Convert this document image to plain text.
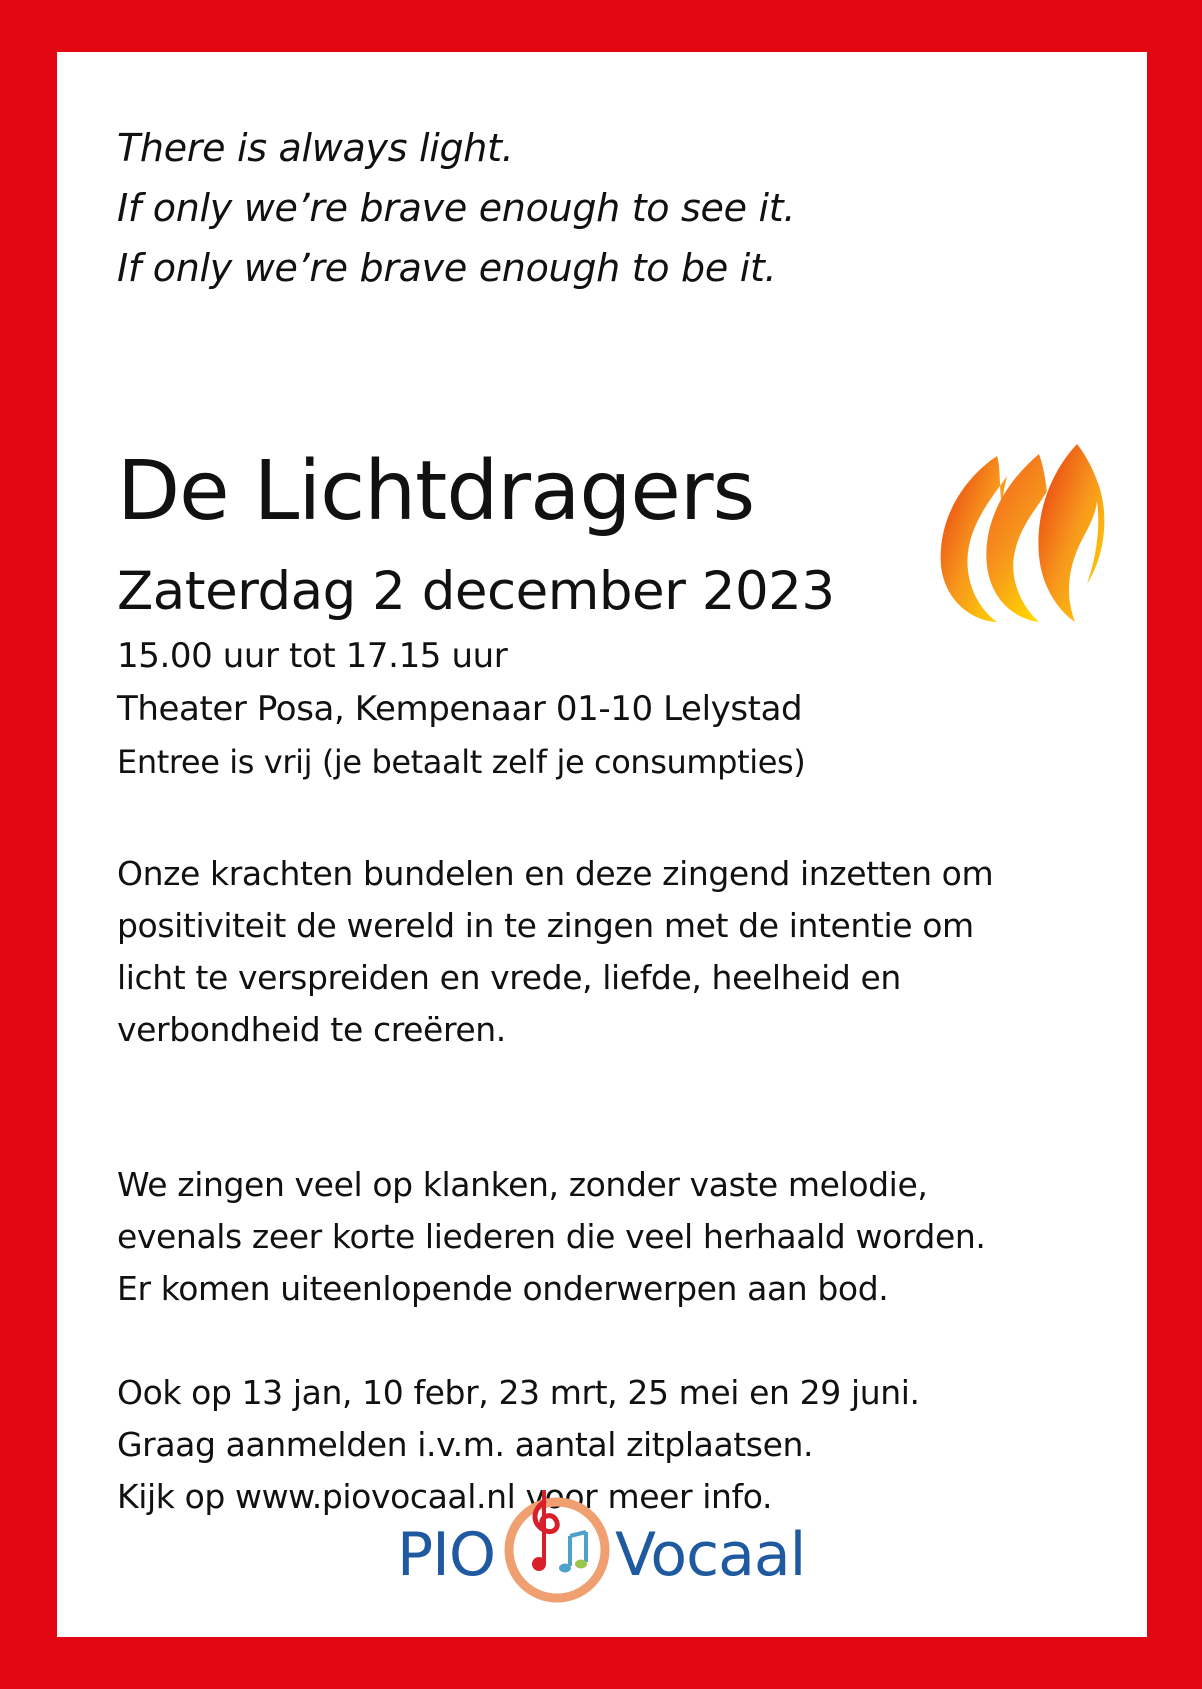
There is always light.
If only we’re brave enough to see it.
If only we’re brave enough to be it.

De Lichtdragers

Zaterdag 2 december 2023

15.00 uur tot 17.15 uur
Theater Posa, Kempenaar 01-10 Lelystad
Entree is vrij (je betaalt zelf je consumpties)

Onze krachten bundelen en deze zingend inzetten om
positiviteit de wereld in te zingen met de intentie om
licht te verspreiden en vrede, liefde, heelheid en
verbondheid te creëren.

We zingen veel op klanken, zonder vaste melodie,
evenals zeer korte liederen die veel herhaald worden.
Er komen uiteenlopende onderwerpen aan bod.

Ook op 13 jan, 10 febr, 23 mrt, 25 mei en 29 juni.
Graag aanmelden i.v.m. aantal zitplaatsen.
Kijk op www.piovocaal.nl voor meer info.

PIO Vocaal
